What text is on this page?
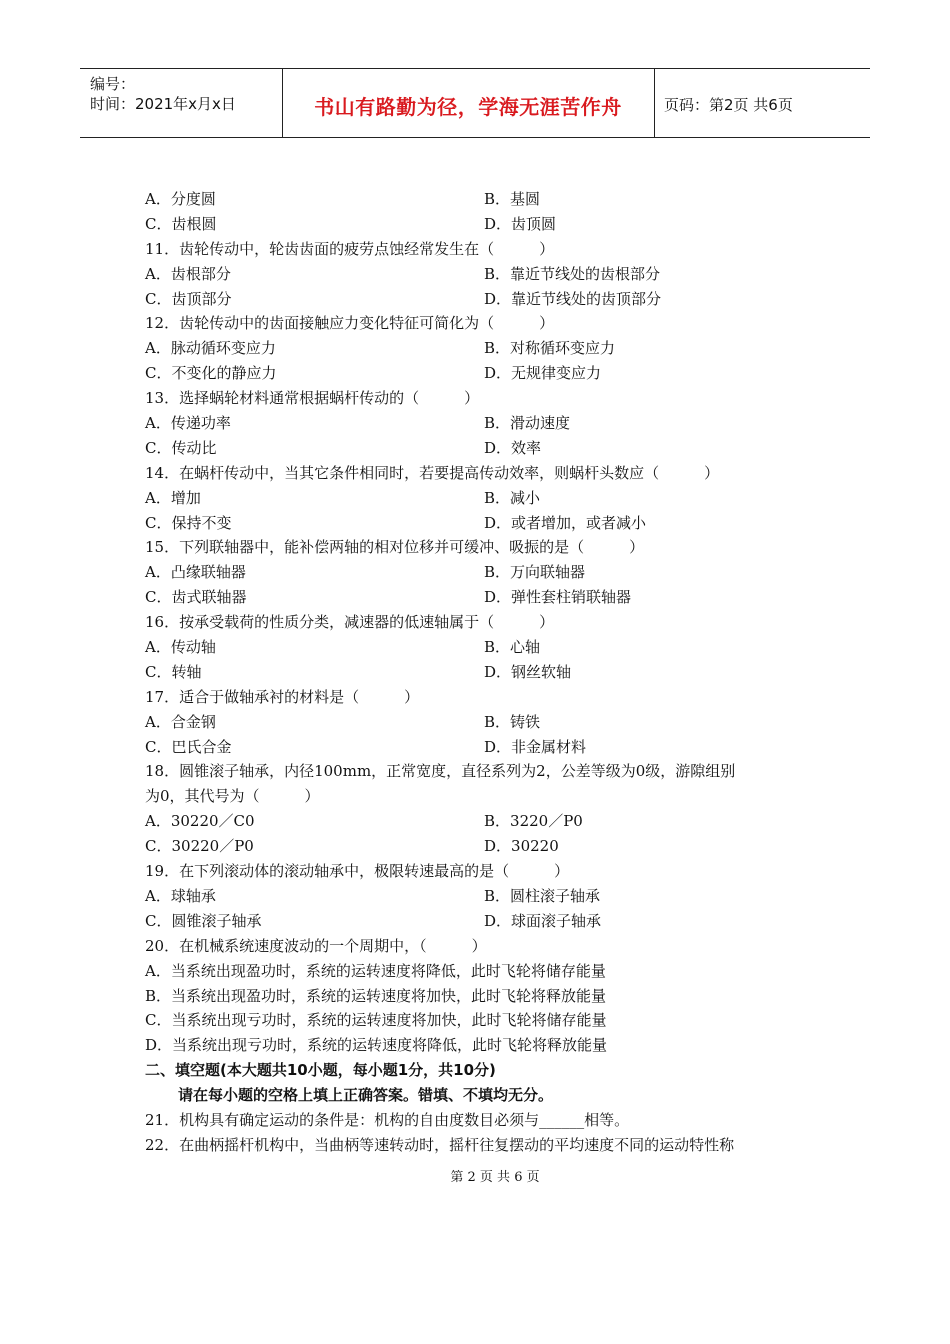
编号：
时间：2021年x月x日	书山有路勤为径，学海无涯苦作舟	页码：第2页 共6页
A．分度圆	B．基圆
C．齿根圆	D．齿顶圆
11．齿轮传动中，轮齿齿面的疲劳点蚀经常发生在（　　　）
A．齿根部分	B．靠近节线处的齿根部分
C．齿顶部分	D．靠近节线处的齿顶部分
12．齿轮传动中的齿面接触应力变化特征可简化为（　　　）
A．脉动循环变应力	B．对称循环变应力
C．不变化的静应力	D．无规律变应力
13．选择蜗轮材料通常根据蜗杆传动的（　　　）
A．传递功率	B．滑动速度
C．传动比	D．效率
14．在蜗杆传动中，当其它条件相同时，若要提高传动效率，则蜗杆头数应（　　　）
A．增加	B．减小
C．保持不变	D．或者增加，或者减小
15．下列联轴器中，能补偿两轴的相对位移并可缓冲、吸振的是（　　　）
A．凸缘联轴器	B．万向联轴器
C．齿式联轴器	D．弹性套柱销联轴器
16．按承受载荷的性质分类，减速器的低速轴属于（　　　）
A．传动轴	B．心轴
C．转轴	D．钢丝软轴
17．适合于做轴承衬的材料是（　　　）
A．合金钢	B．铸铁
C．巴氏合金	D．非金属材料
18．圆锥滚子轴承，内径100mm，正常宽度，直径系列为2，公差等级为0级，游隙组别
为0，其代号为（　　　）
A．30220／C0	B．3220／P0
C．30220／P0	D．30220
19．在下列滚动体的滚动轴承中，极限转速最高的是（　　　）
A．球轴承	B．圆柱滚子轴承
C．圆锥滚子轴承	D．球面滚子轴承
20．在机械系统速度波动的一个周期中，（　　　）
A．当系统出现盈功时，系统的运转速度将降低，此时飞轮将储存能量
B．当系统出现盈功时，系统的运转速度将加快，此时飞轮将释放能量
C．当系统出现亏功时，系统的运转速度将加快，此时飞轮将储存能量
D．当系统出现亏功时，系统的运转速度将降低，此时飞轮将释放能量
二、填空题(本大题共10小题，每小题1分，共10分)
请在每小题的空格上填上正确答案。错填、不填均无分。
21．机构具有确定运动的条件是：机构的自由度数目必须与______相等。
22．在曲柄摇杆机构中，当曲柄等速转动时，摇杆往复摆动的平均速度不同的运动特性称
第 2 页 共 6 页
